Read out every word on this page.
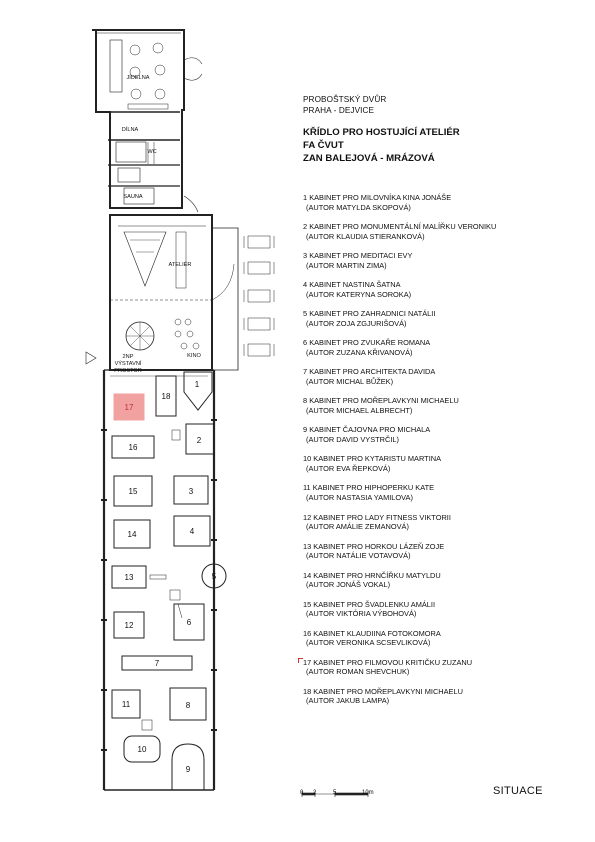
JÍDELNA
DÍLNA
WC
SAUNA
ATELIÉR
2NP
VÝSTAVNÍ
PROSTOR
KINO
1
2
3
4
5
6
7
8
9
10
11
12
13
14
15
16
17
18
0 2	5	10m
PROBOŠTSKÝ DVŮR
PRAHA - DEJVICE
KŘÍDLO PRO HOSTUJÍCÍ ATELIÉR
FA ČVUT
ZAN BALEJOVÁ - MRÁZOVÁ
1 KABINET PRO MILOVNÍKA KINA JONÁŠE
(AUTOR MATYLDA SKOPOVÁ)
2 KABINET PRO MONUMENTÁLNÍ MALÍŘKU VERONIKU
(AUTOR KLAUDIA STIERANKOVÁ)
3 KABINET PRO MEDITACI EVY
(AUTOR MARTIN ZIMA)
4 KABINET NASTINA ŠATNA
(AUTOR KATERYNA SOROKA)
5 KABINET PRO ZAHRADNICI NATÁLII
(AUTOR ZOJA ZGJURIŠOVÁ)
6 KABINET PRO ZVUKAŘE ROMANA
(AUTOR ZUZANA KŘIVANOVÁ)
7 KABINET PRO ARCHITEKTA DAVIDA
(AUTOR MICHAL BŮŽEK)
8 KABINET PRO MOŘEPLAVKYNI MICHAELU
(AUTOR MICHAEL ALBRECHT)
9 KABINET ČAJOVNA PRO MICHALA
(AUTOR DAVID VYSTRČIL)
10 KABINET PRO KYTARISTU MARTINA
(AUTOR EVA ŘEPKOVÁ)
11 KABINET PRO HIPHOPERKU KATE
(AUTOR NASTASIA YAMILOVA)
12 KABINET PRO LADY FITNESS VIKTORII
(AUTOR AMÁLIE ZEMANOVÁ)
13 KABINET PRO HORKOU LÁZEŇ ZOJE
(AUTOR NATÁLIE VOTAVOVÁ)
14 KABINET PRO HRNČÍŘKU MATYLDU
(AUTOR JONÁŠ VOKAL)
15 KABINET PRO ŠVADLENKU AMÁLII
(AUTOR VIKTÓRIA VÝBOHOVÁ)
16 KABINET KLAUDIINA FOTOKOMORA
(AUTOR VERONIKA SCSEVLIKOVÁ)
17 KABINET PRO FILMOVOU KRITIČKU ZUZANU
(AUTOR ROMAN SHEVCHUK)
18 KABINET PRO MOŘEPLAVKYNI MICHAELU
(AUTOR JAKUB LAMPA)
SITUACE
